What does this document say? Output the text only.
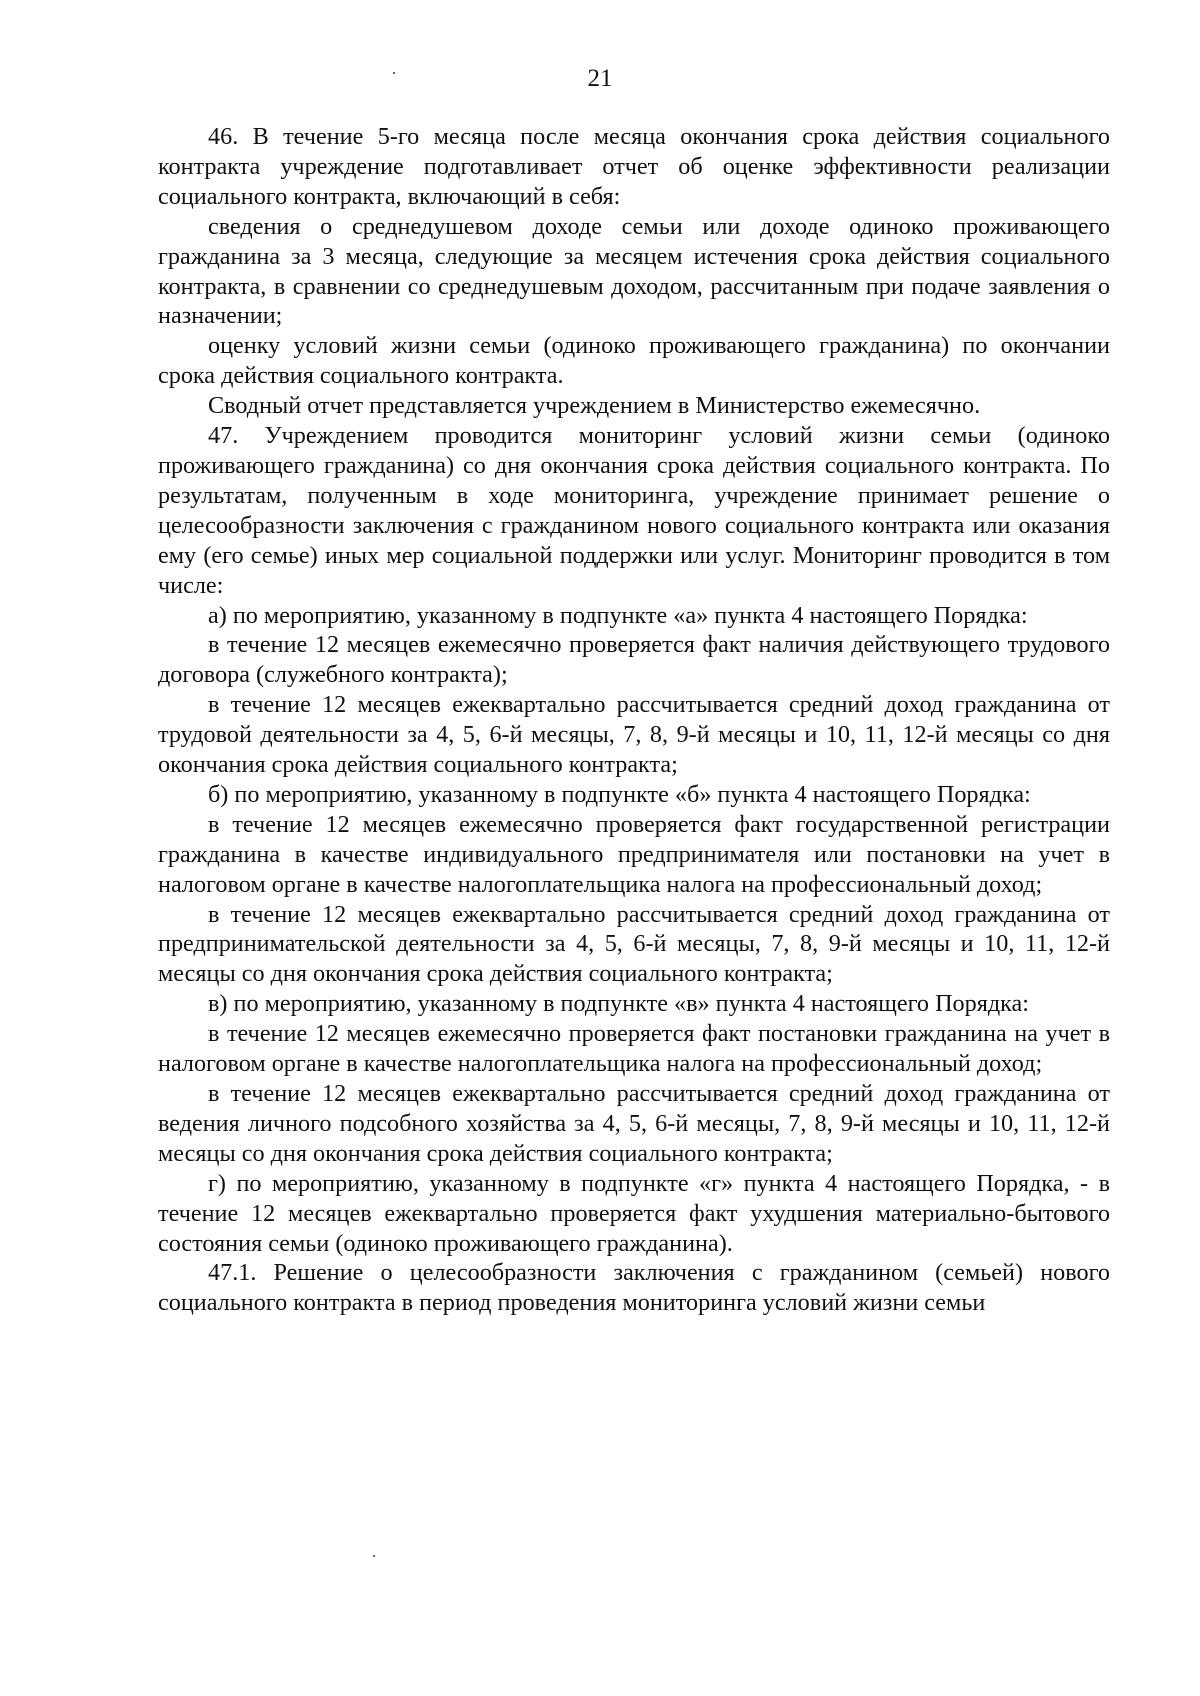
21

46. В течение 5-го месяца после месяца окончания срока действия социального контракта учреждение подготавливает отчет об оценке эффективности реализации социального контракта, включающий в себя:

сведения о среднедушевом доходе семьи или доходе одиноко проживающего гражданина за 3 месяца, следующие за месяцем истечения срока действия социального контракта, в сравнении со среднедушевым доходом, рассчитанным при подаче заявления о назначении;

оценку условий жизни семьи (одиноко проживающего гражданина) по окончании срока действия социального контракта.

Сводный отчет представляется учреждением в Министерство ежемесячно.

47. Учреждением проводится мониторинг условий жизни семьи (одиноко проживающего гражданина) со дня окончания срока действия социального контракта. По результатам, полученным в ходе мониторинга, учреждение принимает решение о целесообразности заключения с гражданином нового социального контракта или оказания ему (его семье) иных мер социальной поддержки или услуг. Мониторинг проводится в том числе:

а) по мероприятию, указанному в подпункте «а» пункта 4 настоящего Порядка:

в течение 12 месяцев ежемесячно проверяется факт наличия действующего трудового договора (служебного контракта);

в течение 12 месяцев ежеквартально рассчитывается средний доход гражданина от трудовой деятельности за 4, 5, 6-й месяцы, 7, 8, 9-й месяцы и 10, 11, 12-й месяцы со дня окончания срока действия социального контракта;

б) по мероприятию, указанному в подпункте «б» пункта 4 настоящего Порядка:

в течение 12 месяцев ежемесячно проверяется факт государственной регистрации гражданина в качестве индивидуального предпринимателя или постановки на учет в налоговом органе в качестве налогоплательщика налога на профессиональный доход;

в течение 12 месяцев ежеквартально рассчитывается средний доход гражданина от предпринимательской деятельности за 4, 5, 6-й месяцы, 7, 8, 9-й месяцы и 10, 11, 12-й месяцы со дня окончания срока действия социального контракта;

в) по мероприятию, указанному в подпункте «в» пункта 4 настоящего Порядка:

в течение 12 месяцев ежемесячно проверяется факт постановки гражданина на учет в налоговом органе в качестве налогоплательщика налога на профессиональный доход;

в течение 12 месяцев ежеквартально рассчитывается средний доход гражданина от ведения личного подсобного хозяйства за 4, 5, 6-й месяцы, 7, 8, 9-й месяцы и 10, 11, 12-й месяцы со дня окончания срока действия социального контракта;

г) по мероприятию, указанному в подпункте «г» пункта 4 настоящего Порядка, - в течение 12 месяцев ежеквартально проверяется факт ухудшения материально-бытового состояния семьи (одиноко проживающего гражданина).

47.1. Решение о целесообразности заключения с гражданином (семьей) нового социального контракта в период проведения мониторинга условий жизни семьи
